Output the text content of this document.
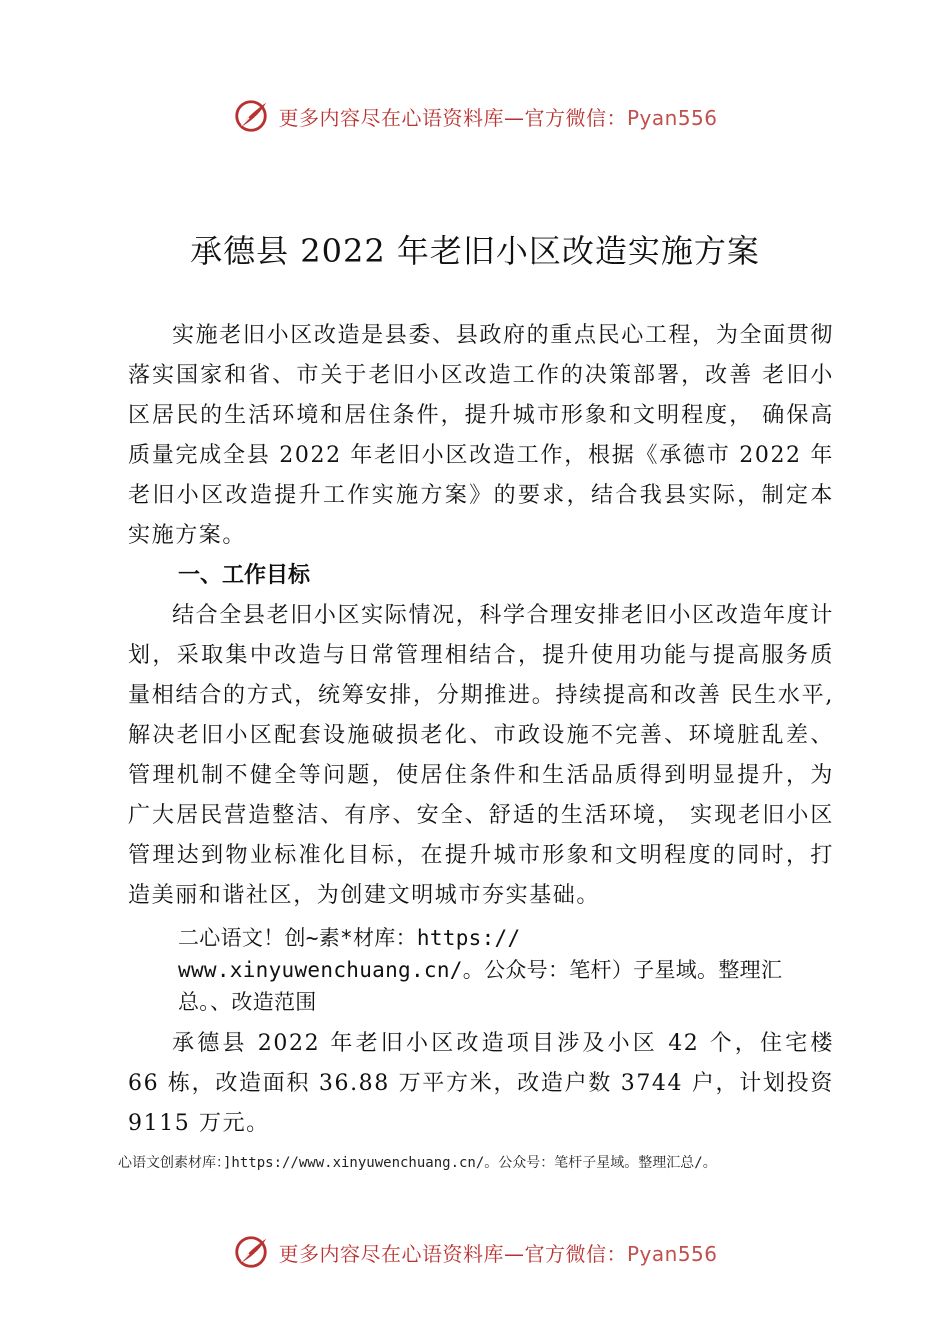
更多内容尽在心语资料库—官方微信：Pyan556
承德县 2022 年老旧小区改造实施方案

实施老旧小区改造是县委、县政府的重点民心工程，为全面贯彻落实国家和省、市关于老旧小区改造工作的决策部署，改善 老旧小区居民的生活环境和居住条件，提升城市形象和文明程度， 确保高质量完成全县 2022 年老旧小区改造工作，根据《承德市 2022 年老旧小区改造提升工作实施方案》的要求，结合我县实际，制定本实施方案。

一、工作目标

结合全县老旧小区实际情况，科学合理安排老旧小区改造年度计划，采取集中改造与日常管理相结合，提升使用功能与提高服务质量相结合的方式，统筹安排，分期推进。持续提高和改善 民生水平,解决老旧小区配套设施破损老化、市政设施不完善、环境脏乱差、管理机制不健全等问题，使居住条件和生活品质得到明显提升，为广大居民营造整洁、有序、安全、舒适的生活环境， 实现老旧小区管理达到物业标准化目标，在提升城市形象和文明程度的同时，打造美丽和谐社区，为创建文明城市夯实基础。

二心语文！创~素*材库：https://

www.xinyuwenchuang.cn/。公众号：笔杆）子星域。整理汇

总。、改造范围

承德县 2022 年老旧小区改造项目涉及小区 42 个，住宅楼 66 栋，改造面积 36.88 万平方米，改造户数 3744 户，计划投资 9115 万元。

心语文创素材库：]https://www.xinyuwenchuang.cn/。公众号：笔杆子星域。整理汇总/。
更多内容尽在心语资料库—官方微信：Pyan556
